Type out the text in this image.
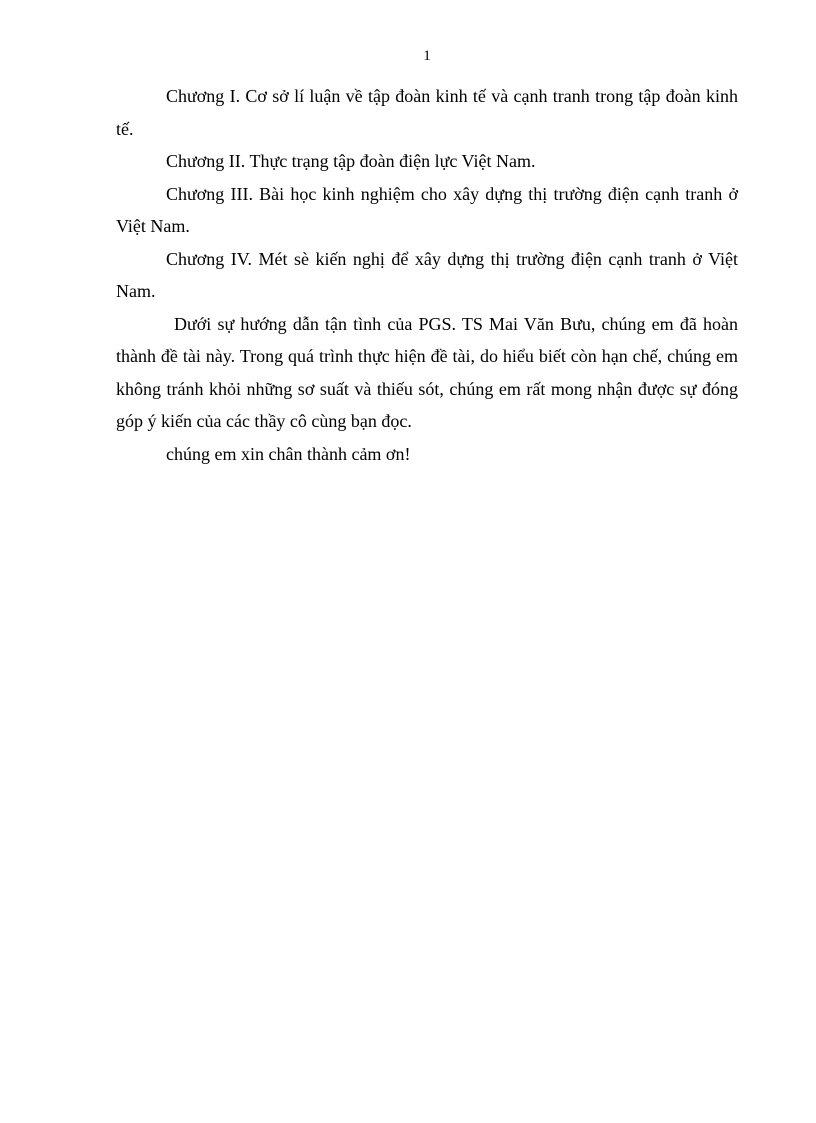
1

Chương I. Cơ sở lí luận về tập đoàn kinh tế và cạnh tranh trong tập đoàn kinh tế.

Chương II. Thực trạng tập đoàn điện lực Việt Nam.

Chương III. Bài học kinh nghiệm cho xây dựng thị trường điện cạnh tranh ở Việt Nam.

Chương IV. Mét sè kiến nghị để xây dựng thị trường điện cạnh tranh ở Việt Nam.

Dưới sự hướng dẫn tận tình của PGS. TS Mai Văn Bưu, chúng em đã hoàn thành đề tài này. Trong quá trình thực hiện đề tài, do hiểu biết còn hạn chế, chúng em không tránh khỏi những sơ suất và thiếu sót, chúng em rất mong nhận được sự đóng góp ý kiến của các thầy cô cùng bạn đọc.

chúng em xin chân thành cảm ơn!
